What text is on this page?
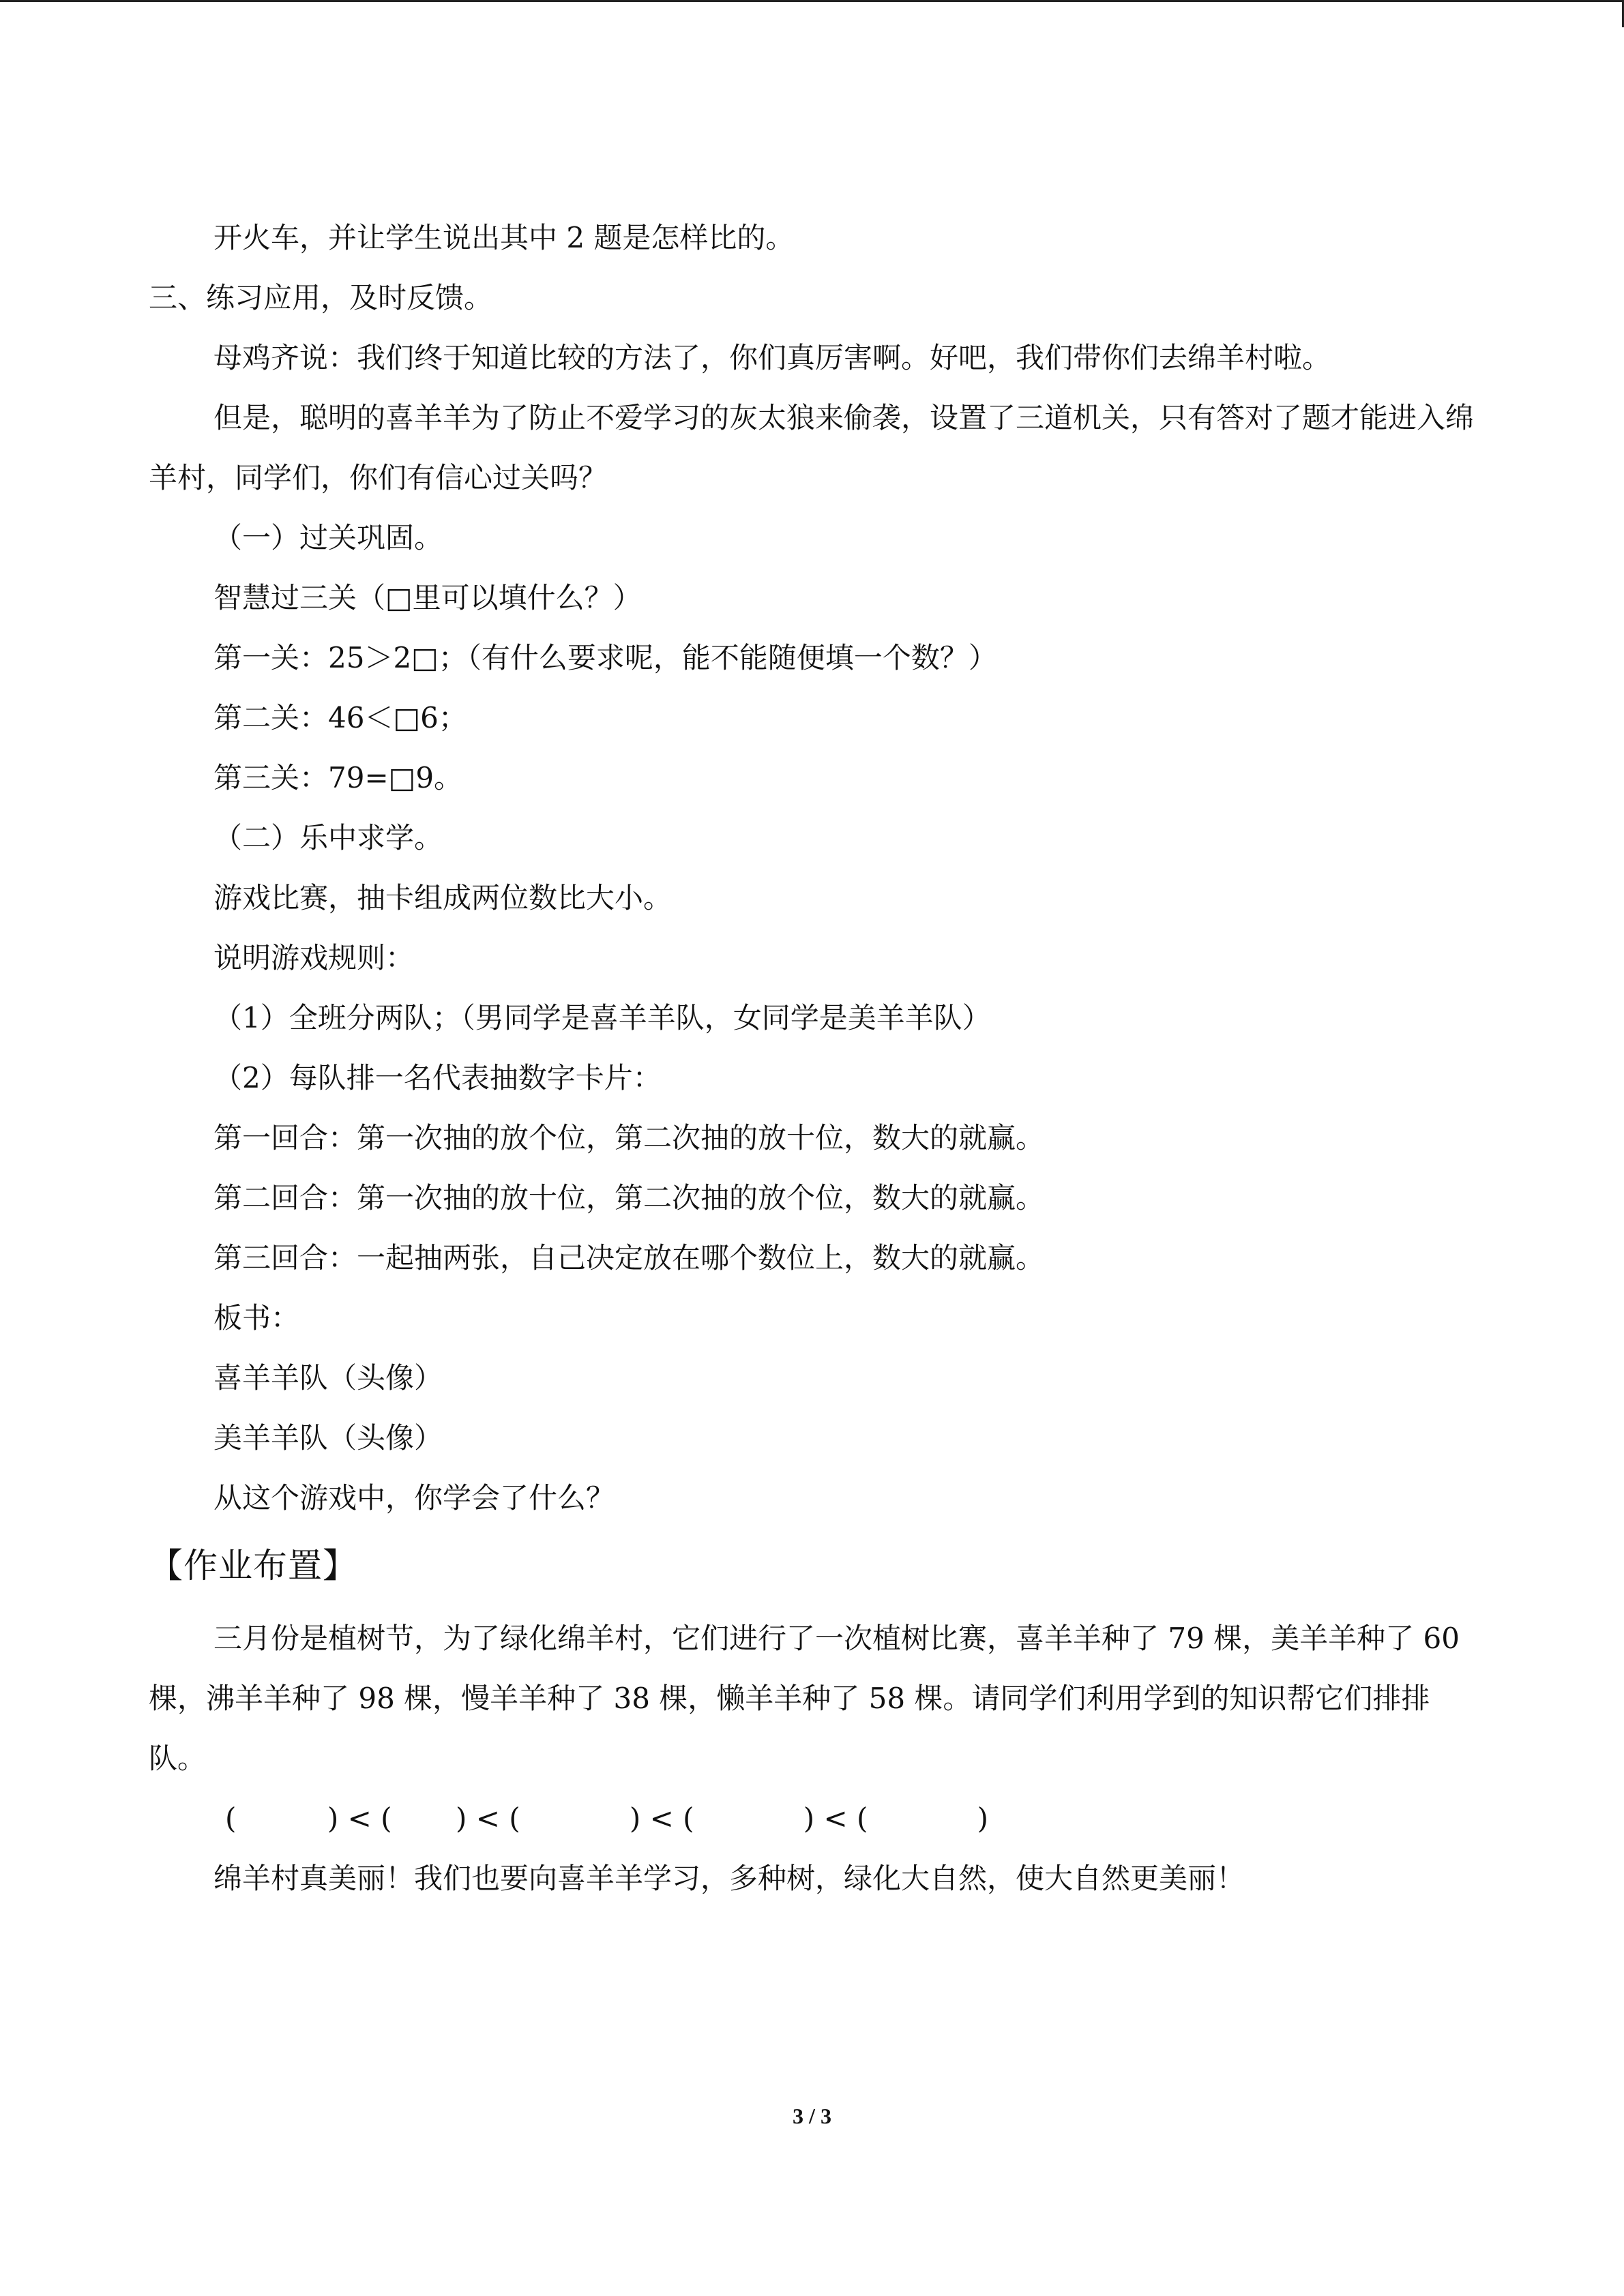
开火车，并让学生说出其中 2 题是怎样比的。
三、练习应用，及时反馈。
母鸡齐说：我们终于知道比较的方法了，你们真厉害啊。好吧，我们带你们去绵羊村啦。
但是，聪明的喜羊羊为了防止不爱学习的灰太狼来偷袭，设置了三道机关，只有答对了题才能进入绵羊村，同学们，你们有信心过关吗？
（一）过关巩固。
智慧过三关（□里可以填什么？）
第一关：25＞2□；（有什么要求呢，能不能随便填一个数？）
第二关：46＜□6；
第三关：79=□9。
（二）乐中求学。
游戏比赛，抽卡组成两位数比大小。
说明游戏规则：
（1）全班分两队；（男同学是喜羊羊队，女同学是美羊羊队）
（2）每队排一名代表抽数字卡片：
第一回合：第一次抽的放个位，第二次抽的放十位，数大的就赢。
第二回合：第一次抽的放十位，第二次抽的放个位，数大的就赢。
第三回合：一起抽两张，自己决定放在哪个数位上，数大的就赢。
板书：
喜羊羊队（头像）
美羊羊队（头像）
从这个游戏中，你学会了什么？
【作业布置】
三月份是植树节，为了绿化绵羊村，它们进行了一次植树比赛，喜羊羊种了 79 棵，美羊羊种了 60 棵，沸羊羊种了 98 棵，慢羊羊种了 38 棵，懒羊羊种了 58 棵。请同学们利用学到的知识帮它们排排队。
(          ) < (       ) < (            ) < (            ) < (            )
绵羊村真美丽！我们也要向喜羊羊学习，多种树，绿化大自然，使大自然更美丽！
3 / 3
